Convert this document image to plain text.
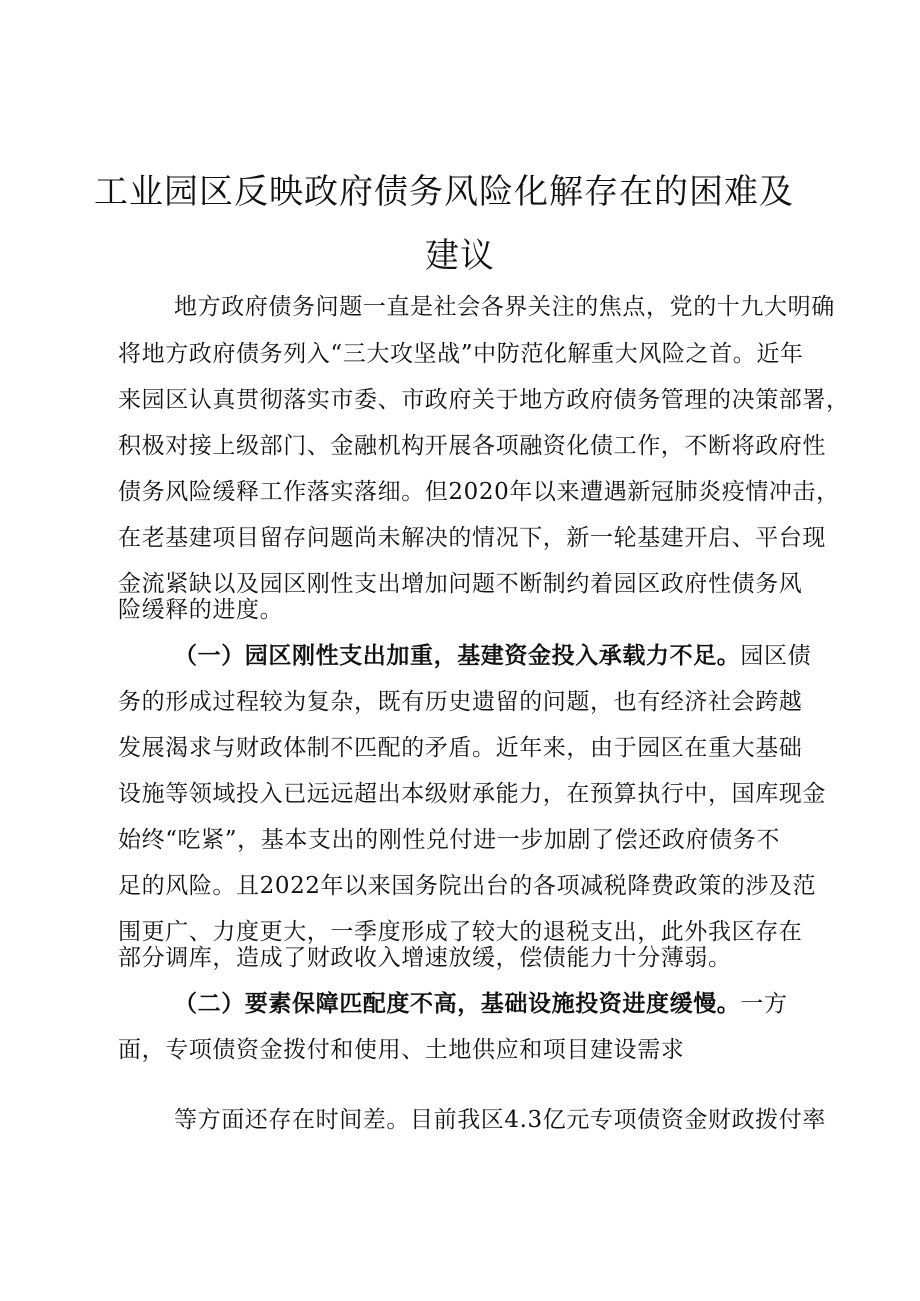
工业园区反映政府债务风险化解存在的困难及
建议
地方政府债务问题一直是社会各界关注的焦点，党的十九大明确
将地方政府债务列入“三大攻坚战”中防范化解重大风险之首。近年
来园区认真贯彻落实市委、市政府关于地方政府债务管理的决策部署，
积极对接上级部门、金融机构开展各项融资化债工作，不断将政府性
债务风险缓释工作落实落细。但2020年以来遭遇新冠肺炎疫情冲击，
在老基建项目留存问题尚未解决的情况下，新一轮基建开启、平台现
金流紧缺以及园区刚性支出增加问题不断制约着园区政府性债务风
险缓释的进度。
（一）园区刚性支出加重，基建资金投入承载力不足。园区债
务的形成过程较为复杂，既有历史遗留的问题，也有经济社会跨越
发展渴求与财政体制不匹配的矛盾。近年来，由于园区在重大基础
设施等领域投入已远远超出本级财承能力，在预算执行中，国库现金
始终“吃紧”，基本支出的刚性兑付进一步加剧了偿还政府债务不
足的风险。且2022年以来国务院出台的各项减税降费政策的涉及范
围更广、力度更大，一季度形成了较大的退税支出，此外我区存在
部分调库，造成了财政收入增速放缓，偿债能力十分薄弱。
（二）要素保障匹配度不高，基础设施投资进度缓慢。一方
面，专项债资金拨付和使用、土地供应和项目建设需求
等方面还存在时间差。目前我区4.3亿元专项债资金财政拨付率
